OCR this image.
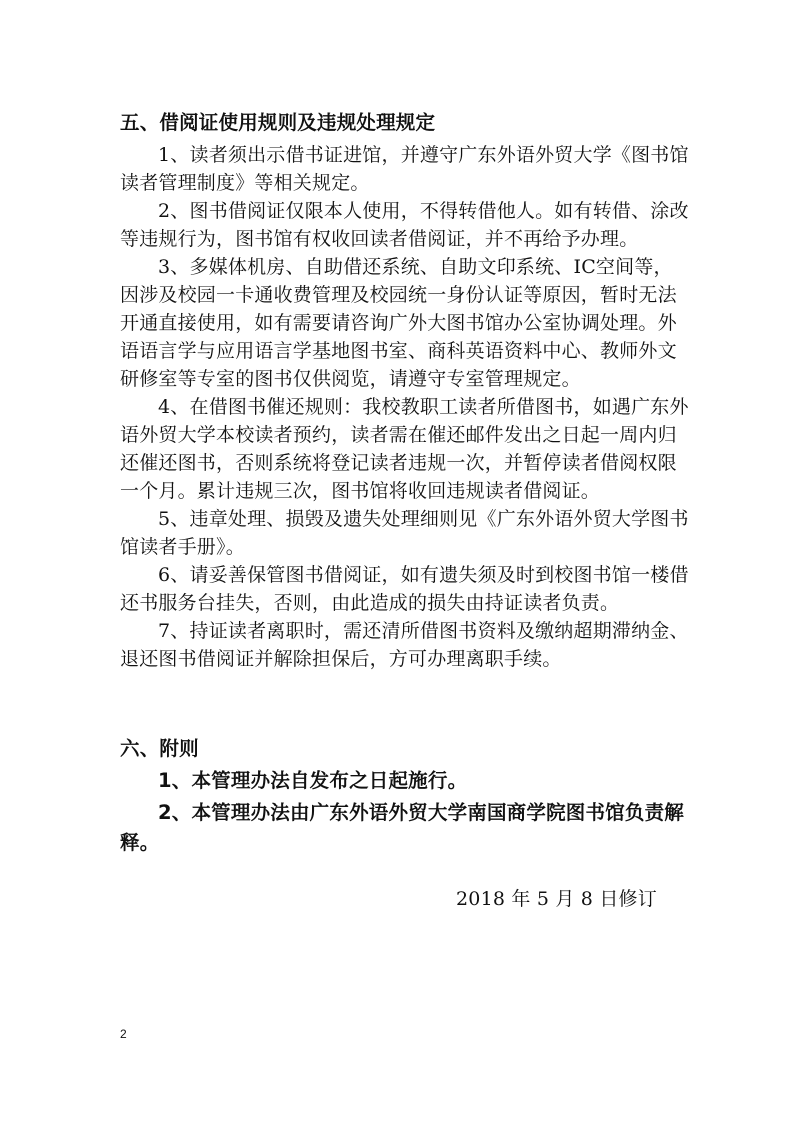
五、借阅证使用规则及违规处理规定
1、读者须出示借书证进馆，并遵守广东外语外贸大学《图书馆
读者管理制度》等相关规定。
2、图书借阅证仅限本人使用，不得转借他人。如有转借、涂改
等违规行为，图书馆有权收回读者借阅证，并不再给予办理。
3、多媒体机房、自助借还系统、自助文印系统、IC空间等，
因涉及校园一卡通收费管理及校园统一身份认证等原因，暂时无法
开通直接使用，如有需要请咨询广外大图书馆办公室协调处理。外
语语言学与应用语言学基地图书室、商科英语资料中心、教师外文
研修室等专室的图书仅供阅览，请遵守专室管理规定。
4、在借图书催还规则：我校教职工读者所借图书，如遇广东外
语外贸大学本校读者预约，读者需在催还邮件发出之日起一周内归
还催还图书，否则系统将登记读者违规一次，并暂停读者借阅权限
一个月。累计违规三次，图书馆将收回违规读者借阅证。
5、违章处理、损毁及遗失处理细则见《广东外语外贸大学图书
馆读者手册》。
6、请妥善保管图书借阅证，如有遗失须及时到校图书馆一楼借
还书服务台挂失，否则，由此造成的损失由持证读者负责。
7、持证读者离职时，需还清所借图书资料及缴纳超期滞纳金、
退还图书借阅证并解除担保后，方可办理离职手续。
六、附则
1、本管理办法自发布之日起施行。
2、本管理办法由广东外语外贸大学南国商学院图书馆负责解
释。
2018 年 5 月 8 日修订
2
